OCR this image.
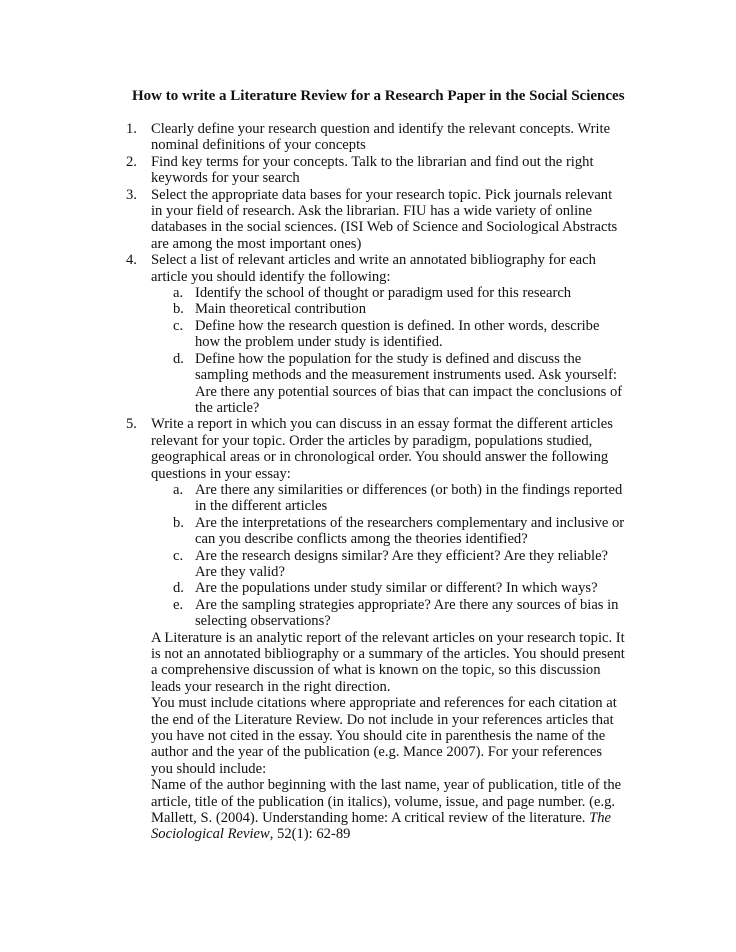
How to write a Literature Review for a Research Paper in the Social Sciences
1. Clearly define your research question and identify the relevant concepts. Write nominal definitions of your concepts
2. Find key terms for your concepts. Talk to the librarian and find out the right keywords for your search
3. Select the appropriate data bases for your research topic. Pick journals relevant in your field of research. Ask the librarian. FIU has a wide variety of online databases in the social sciences. (ISI Web of Science and Sociological Abstracts are among the most important ones)
4. Select a list of relevant articles and write an annotated bibliography for each article you should identify the following:
a. Identify the school of thought or paradigm used for this research
b. Main theoretical contribution
c. Define how the research question is defined. In other words, describe how the problem under study is identified.
d. Define how the population for the study is defined and discuss the sampling methods and the measurement instruments used. Ask yourself: Are there any potential sources of bias that can impact the conclusions of the article?
5. Write a report in which you can discuss in an essay format the different articles relevant for your topic. Order the articles by paradigm, populations studied, geographical areas or in chronological order. You should answer the following questions in your essay:
a. Are there any similarities or differences (or both) in the findings reported in the different articles
b. Are the interpretations of the researchers complementary and inclusive or can you describe conflicts among the theories identified?
c. Are the research designs similar? Are they efficient? Are they reliable? Are they valid?
d. Are the populations under study similar or different? In which ways?
e. Are the sampling strategies appropriate? Are there any sources of bias in selecting observations?
A Literature is an analytic report of the relevant articles on your research topic. It is not an annotated bibliography or a summary of the articles. You should present a comprehensive discussion of what is known on the topic, so this discussion leads your research in the right direction.
You must include citations where appropriate and references for each citation at the end of the Literature Review. Do not include in your references articles that you have not cited in the essay. You should cite in parenthesis the name of the author and the year of the publication (e.g. Mance 2007). For your references you should include:
Name of the author beginning with the last name, year of publication, title of the article, title of the publication (in italics), volume, issue, and page number. (e.g. Mallett, S. (2004). Understanding home: A critical review of the literature. The Sociological Review, 52(1): 62-89
